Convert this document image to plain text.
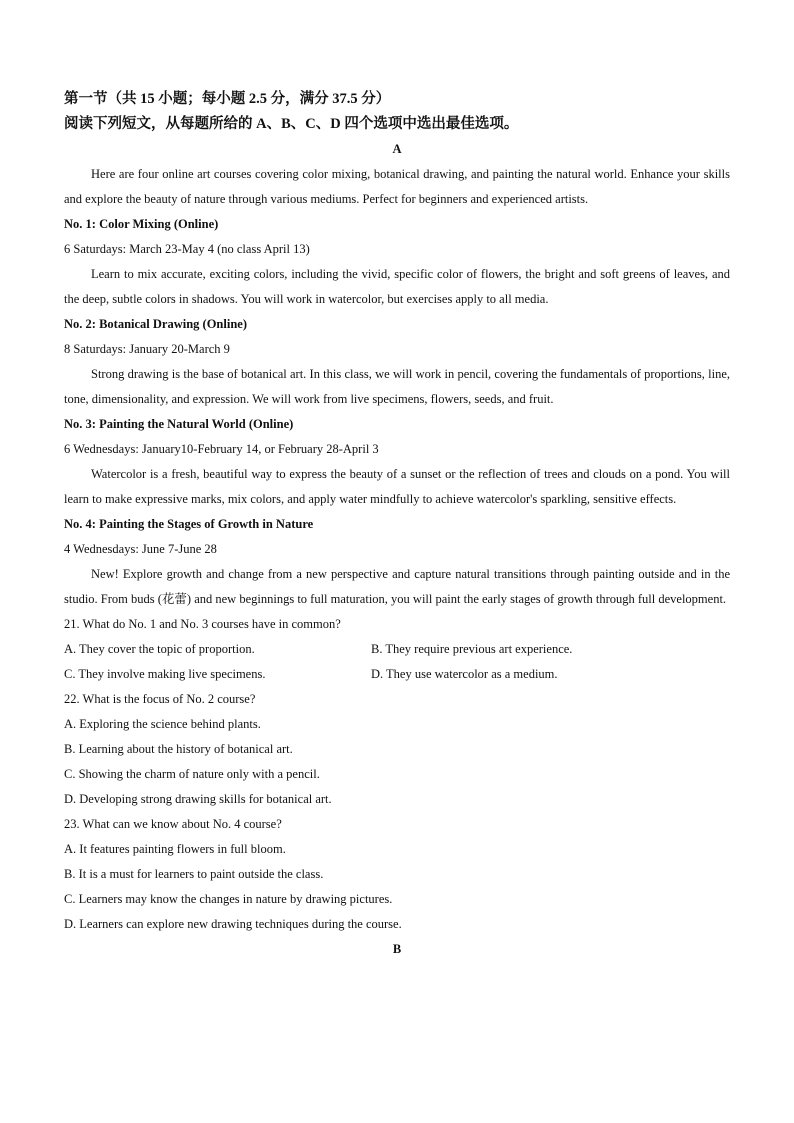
第一节（共 15 小题；每小题 2.5 分，满分 37.5 分）

阅读下列短文，从每题所给的 A、B、C、D 四个选项中选出最佳选项。

A

Here are four online art courses covering color mixing, botanical drawing, and painting the natural world. Enhance your skills and explore the beauty of nature through various mediums. Perfect for beginners and experienced artists.

No. 1: Color Mixing (Online)

6 Saturdays: March 23-May 4 (no class April 13)

Learn to mix accurate, exciting colors, including the vivid, specific color of flowers, the bright and soft greens of leaves, and the deep, subtle colors in shadows. You will work in watercolor, but exercises apply to all media.

No. 2: Botanical Drawing (Online)

8 Saturdays: January 20-March 9

Strong drawing is the base of botanical art. In this class, we will work in pencil, covering the fundamentals of proportions, line, tone, dimensionality, and expression. We will work from live specimens, flowers, seeds, and fruit.

No. 3: Painting the Natural World (Online)

6 Wednesdays: January10-February 14, or February 28-April 3

Watercolor is a fresh, beautiful way to express the beauty of a sunset or the reflection of trees and clouds on a pond. You will learn to make expressive marks, mix colors, and apply water mindfully to achieve watercolor's sparkling, sensitive effects.

No. 4: Painting the Stages of Growth in Nature

4 Wednesdays: June 7-June 28

New! Explore growth and change from a new perspective and capture natural transitions through painting outside and in the studio. From buds (花蕾) and new beginnings to full maturation, you will paint the early stages of growth through full development.

21. What do No. 1 and No. 3 courses have in common?

A. They cover the topic of proportion.	B. They require previous art experience.
C. They involve making live specimens.	D. They use watercolor as a medium.

22. What is the focus of No. 2 course?

A. Exploring the science behind plants.

B. Learning about the history of botanical art.

C. Showing the charm of nature only with a pencil.

D. Developing strong drawing skills for botanical art.

23. What can we know about No. 4 course?

A. It features painting flowers in full bloom.

B. It is a must for learners to paint outside the class.

C. Learners may know the changes in nature by drawing pictures.

D. Learners can explore new drawing techniques during the course.

B
